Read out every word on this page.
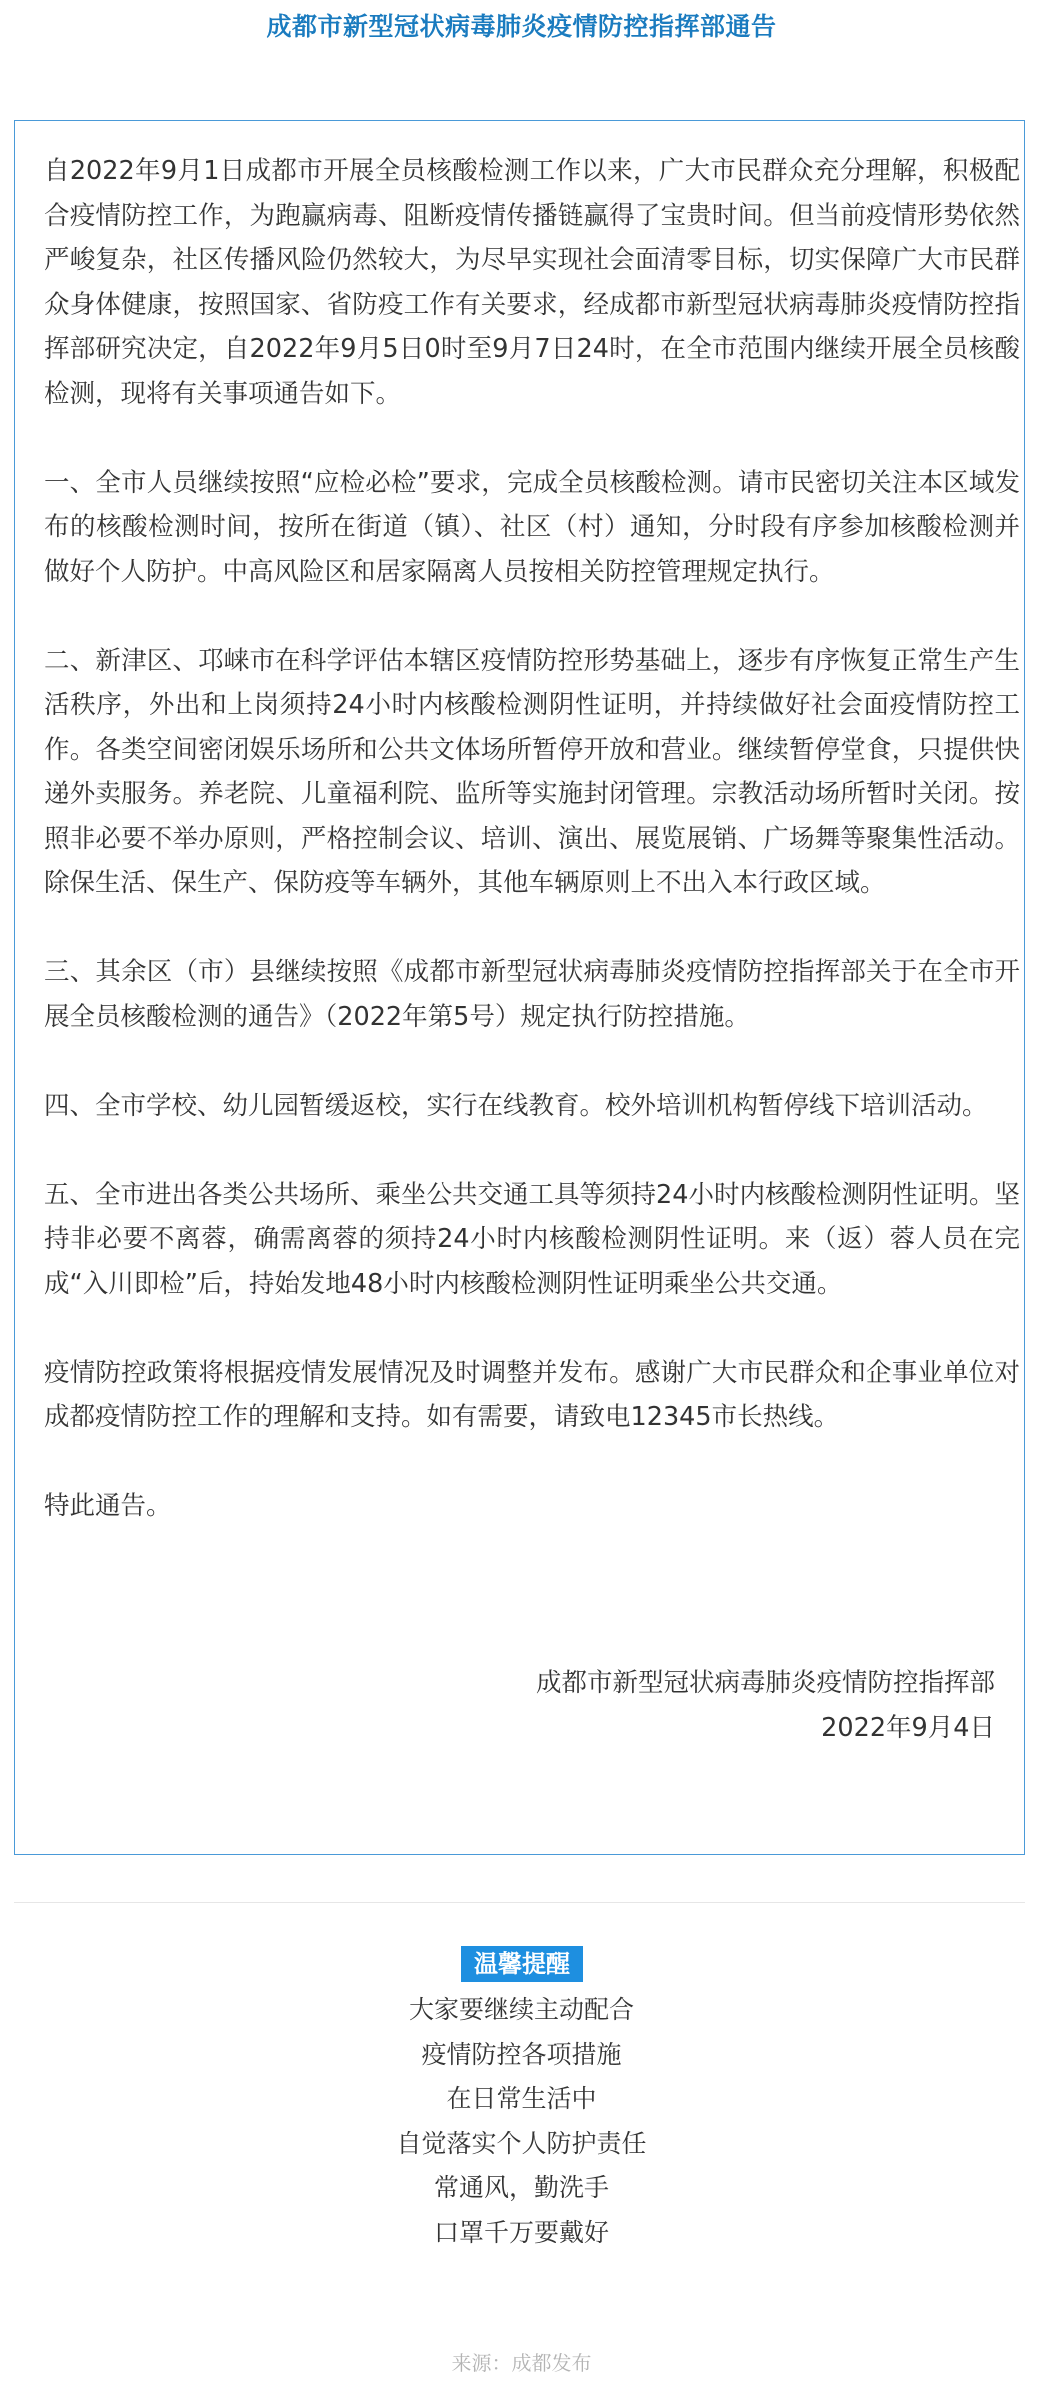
成都市新型冠状病毒肺炎疫情防控指挥部通告

自2022年9月1日成都市开展全员核酸检测工作以来，广大市民群众充分理解，积极配合疫情防控工作，为跑赢病毒、阻断疫情传播链赢得了宝贵时间。但当前疫情形势依然严峻复杂，社区传播风险仍然较大，为尽早实现社会面清零目标，切实保障广大市民群众身体健康，按照国家、省防疫工作有关要求，经成都市新型冠状病毒肺炎疫情防控指挥部研究决定，自2022年9月5日0时至9月7日24时，在全市范围内继续开展全员核酸检测，现将有关事项通告如下。

一、全市人员继续按照“应检必检”要求，完成全员核酸检测。请市民密切关注本区域发布的核酸检测时间，按所在街道（镇）、社区（村）通知，分时段有序参加核酸检测并做好个人防护。中高风险区和居家隔离人员按相关防控管理规定执行。

二、新津区、邛崃市在科学评估本辖区疫情防控形势基础上，逐步有序恢复正常生产生活秩序，外出和上岗须持24小时内核酸检测阴性证明，并持续做好社会面疫情防控工作。各类空间密闭娱乐场所和公共文体场所暂停开放和营业。继续暂停堂食，只提供快递外卖服务。养老院、儿童福利院、监所等实施封闭管理。宗教活动场所暂时关闭。按照非必要不举办原则，严格控制会议、培训、演出、展览展销、广场舞等聚集性活动。除保生活、保生产、保防疫等车辆外，其他车辆原则上不出入本行政区域。

三、其余区（市）县继续按照《成都市新型冠状病毒肺炎疫情防控指挥部关于在全市开展全员核酸检测的通告》（2022年第5号）规定执行防控措施。

四、全市学校、幼儿园暂缓返校，实行在线教育。校外培训机构暂停线下培训活动。

五、全市进出各类公共场所、乘坐公共交通工具等须持24小时内核酸检测阴性证明。坚持非必要不离蓉，确需离蓉的须持24小时内核酸检测阴性证明。来（返）蓉人员在完成“入川即检”后，持始发地48小时内核酸检测阴性证明乘坐公共交通。

疫情防控政策将根据疫情发展情况及时调整并发布。感谢广大市民群众和企事业单位对成都疫情防控工作的理解和支持。如有需要，请致电12345市长热线。

特此通告。

成都市新型冠状病毒肺炎疫情防控指挥部
2022年9月4日
温馨提醒
大家要继续主动配合
疫情防控各项措施
在日常生活中
自觉落实个人防护责任
常通风，勤洗手
口罩千万要戴好
来源：成都发布
